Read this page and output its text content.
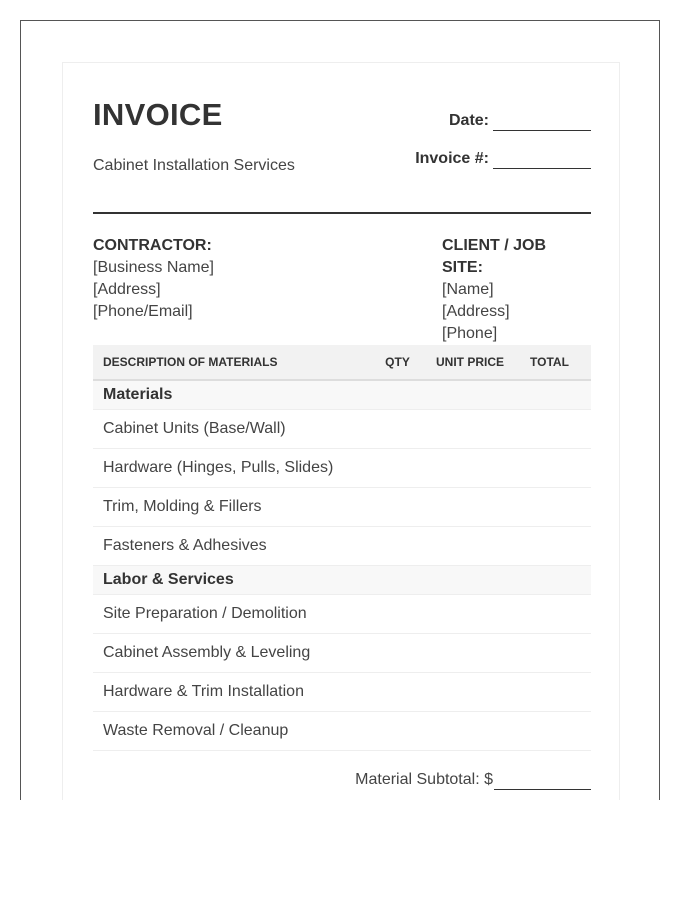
INVOICE
Cabinet Installation Services
Date:
Invoice #:
CONTRACTOR:
[Business Name]
[Address]
[Phone/Email]
CLIENT / JOB SITE:
[Name]
[Address]
[Phone]
DESCRIPTION OF MATERIALS	QTY	UNIT PRICE	TOTAL
Materials			
Cabinet Units (Base/Wall)			
Hardware (Hinges, Pulls, Slides)			
Trim, Molding & Fillers			
Fasteners & Adhesives			
Labor & Services			
Site Preparation / Demolition			
Cabinet Assembly & Leveling			
Hardware & Trim Installation			
Waste Removal / Cleanup			
Material Subtotal: $
